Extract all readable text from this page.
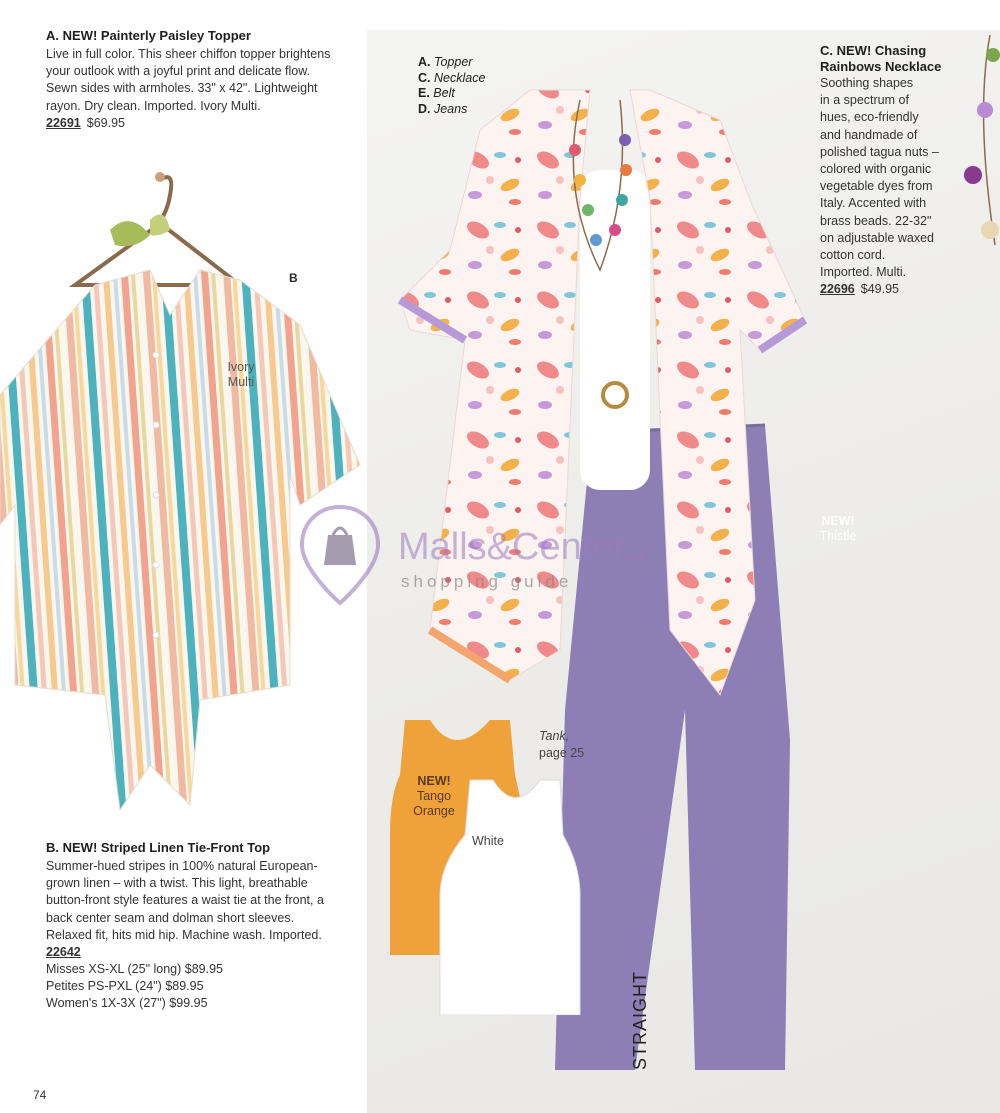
A. NEW! Painterly Paisley Topper
Live in full color. This sheer chiffon topper brightens your outlook with a joyful print and delicate flow. Sewn sides with armholes. 33" x 42". Lightweight rayon. Dry clean. Imported. Ivory Multi.
22691 $69.95
B
Ivory Multi
B. NEW! Striped Linen Tie-Front Top
Summer-hued stripes in 100% natural European-grown linen – with a twist. This light, breathable button-front style features a waist tie at the front, a back center seam and dolman short sleeves. Relaxed fit, hits mid hip. Machine wash. Imported.
22642
Misses XS-XL (25" long) $89.95
Petites PS-PXL (24") $89.95
Women's 1X-3X (27") $99.95
74
A. Topper
C. Necklace
E. Belt
D. Jeans
C. NEW! Chasing
Rainbows Necklace
Soothing shapes
in a spectrum of
hues, eco-friendly
and handmade of
polished tagua nuts –
colored with organic
vegetable dyes from
Italy. Accented with
brass beads. 22-32"
on adjustable waxed
cotton cord.
Imported. Multi.
22696 $49.95
NEW!
Thistle
Malls&Centers
shopping guide
Tank,
page 25
NEW!
Tango
Orange
White
STRAIGHT
